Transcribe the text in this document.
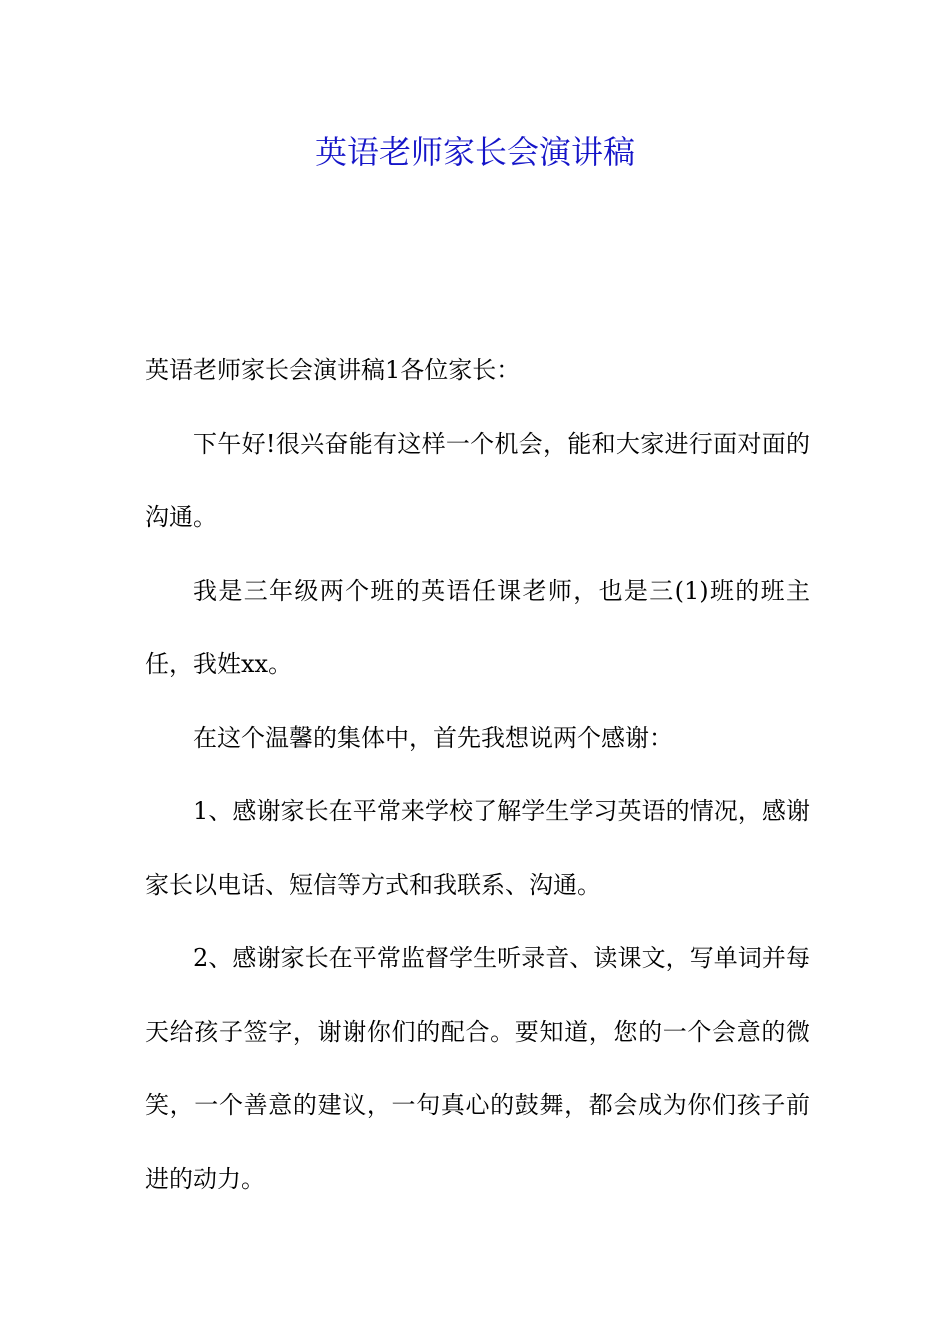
英语老师家长会演讲稿

英语老师家长会演讲稿1各位家长：

下午好!很兴奋能有这样一个机会，能和大家进行面对面的沟通。

我是三年级两个班的英语任课老师，也是三(1)班的班主任，我姓xx。

在这个温馨的集体中，首先我想说两个感谢：

1、感谢家长在平常来学校了解学生学习英语的情况，感谢家长以电话、短信等方式和我联系、沟通。

2、感谢家长在平常监督学生听录音、读课文，写单词并每天给孩子签字，谢谢你们的配合。要知道，您的一个会意的微笑，一个善意的建议，一句真心的鼓舞，都会成为你们孩子前进的动力。
